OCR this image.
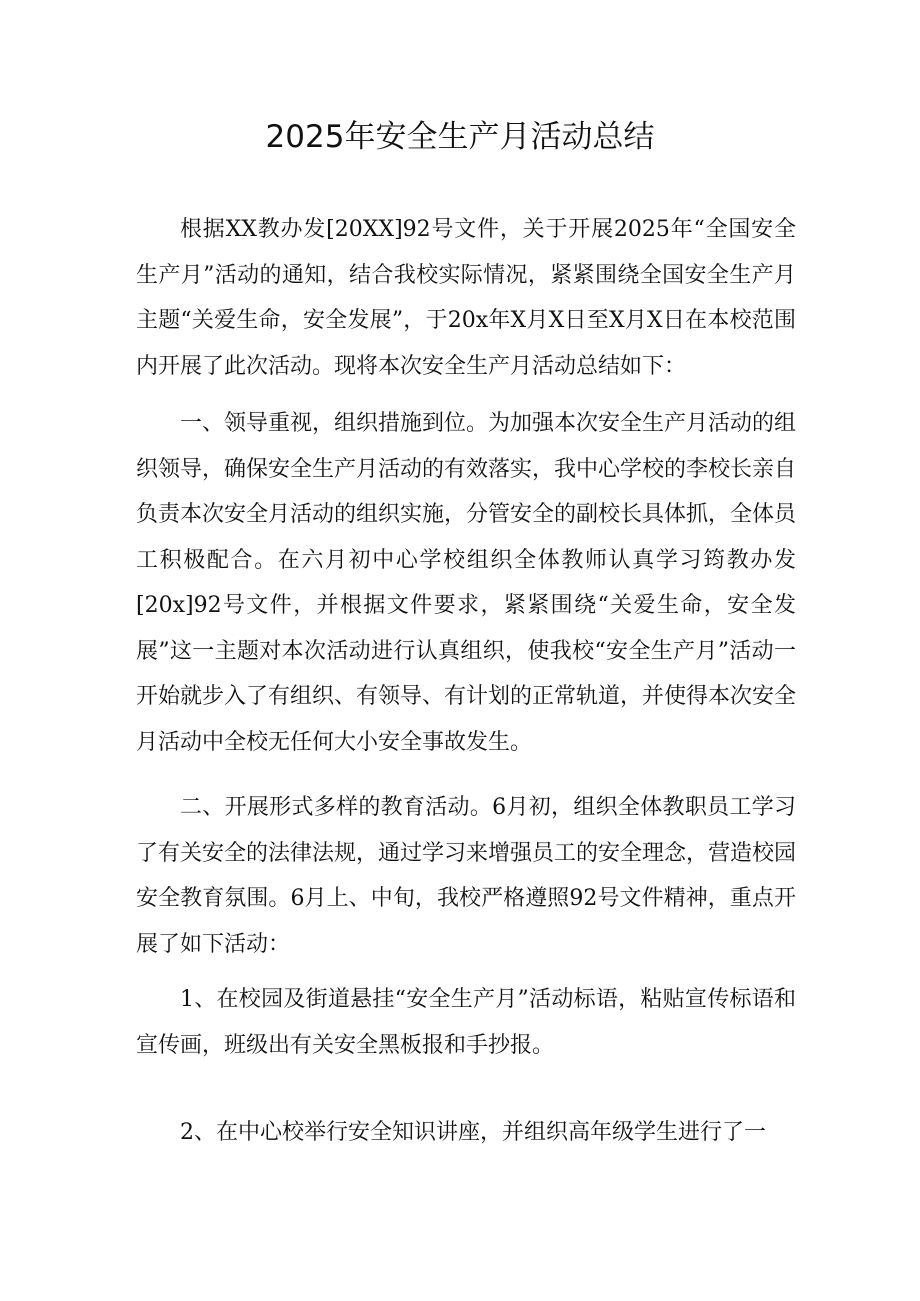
2025年安全生产月活动总结

根据XX教办发[20XX]92号文件，关于开展2025年“全国安全生产月”活动的通知，结合我校实际情况，紧紧围绕全国安全生产月主题“关爱生命，安全发展”，于20x年X月X日至X月X日在本校范围内开展了此次活动。现将本次安全生产月活动总结如下：

一、领导重视，组织措施到位。为加强本次安全生产月活动的组织领导，确保安全生产月活动的有效落实，我中心学校的李校长亲自负责本次安全月活动的组织实施，分管安全的副校长具体抓，全体员工积极配合。在六月初中心学校组织全体教师认真学习筠教办发[20x]92号文件，并根据文件要求，紧紧围绕“关爱生命，安全发展”这一主题对本次活动进行认真组织，使我校“安全生产月”活动一开始就步入了有组织、有领导、有计划的正常轨道，并使得本次安全月活动中全校无任何大小安全事故发生。

二、开展形式多样的教育活动。6月初，组织全体教职员工学习了有关安全的法律法规，通过学习来增强员工的安全理念，营造校园安全教育氛围。6月上、中旬，我校严格遵照92号文件精神，重点开展了如下活动：

1、在校园及街道悬挂“安全生产月”活动标语，粘贴宣传标语和宣传画，班级出有关安全黑板报和手抄报。

2、在中心校举行安全知识讲座，并组织高年级学生进行了一
